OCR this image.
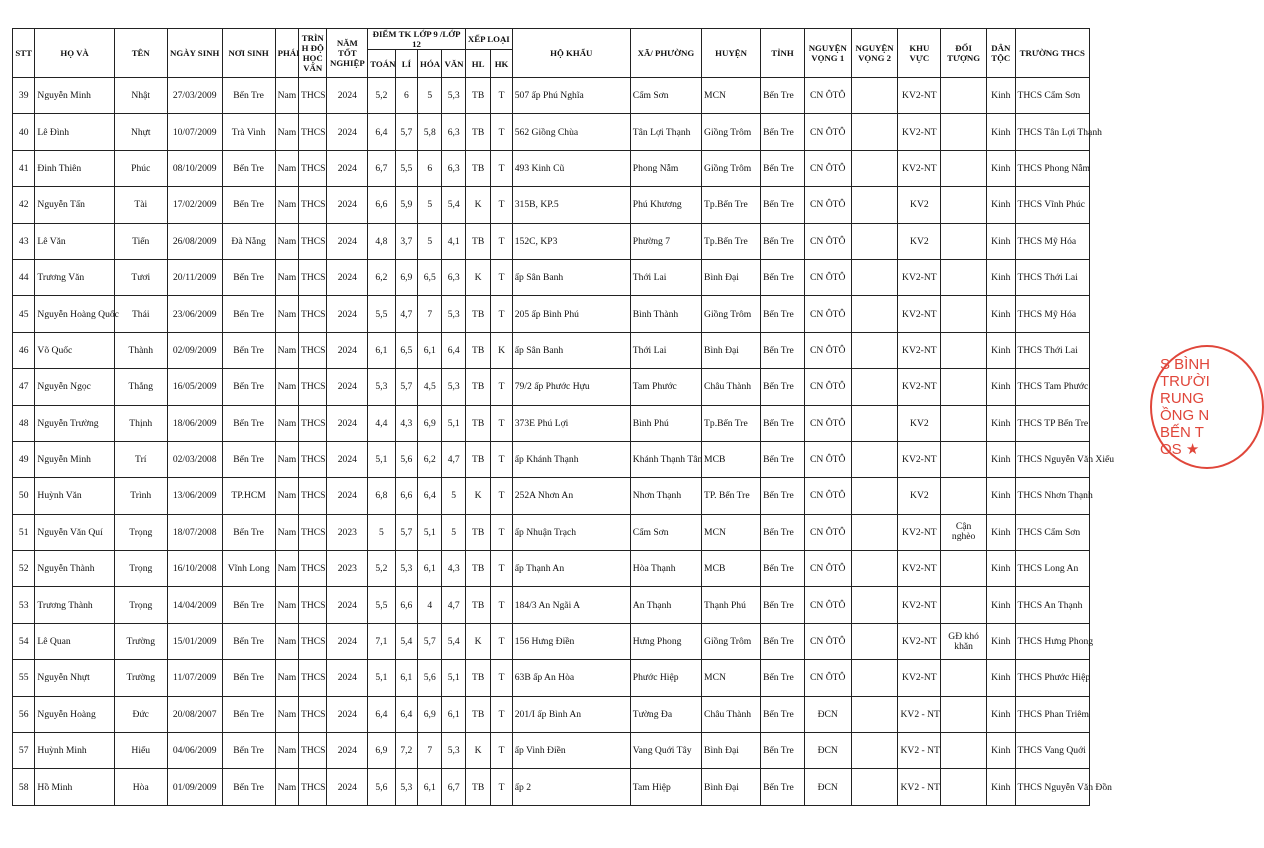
STT	HỌ VÀ	TÊN	NGÀY SINH	NƠI SINH	PHÁI	TRÌN H ĐỘ HỌC VẤN	NĂM TỐT NGHIỆP	ĐIỂM TK LỚP 9 /LỚP 12				XẾP LOẠI		HỘ KHẨU	XÃ/ PHƯỜNG	HUYỆN	TỈNH	NGUYỆN VỌNG 1	NGUYỆN VỌNG 2	KHU VỰC	ĐỐI TƯỢNG	DÂN TỘC	TRƯỜNG THCS
								TOÁN	LÍ	HÓA	VĂN	HL	HK										
39	Nguyễn Minh	Nhật	27/03/2009	Bến Tre	Nam	THCS	2024	5,2	6	5	5,3	TB	T	507 ấp Phú Nghĩa	Cẩm Sơn	MCN	Bến Tre	CN ÔTÔ		KV2-NT		Kinh	THCS Cẩm Sơn
40	Lê Đình	Nhựt	10/07/2009	Trà Vinh	Nam	THCS	2024	6,4	5,7	5,8	6,3	TB	T	562 Giồng Chùa	Tân Lợi Thạnh	Giồng Trôm	Bến Tre	CN ÔTÔ		KV2-NT		Kinh	THCS Tân Lợi Thạnh
41	Đinh Thiên	Phúc	08/10/2009	Bến Tre	Nam	THCS	2024	6,7	5,5	6	6,3	TB	T	493 Kinh Cũ	Phong Nẫm	Giồng Trôm	Bến Tre	CN ÔTÔ		KV2-NT		Kinh	THCS Phong Nẫm
42	Nguyễn Tấn	Tài	17/02/2009	Bến Tre	Nam	THCS	2024	6,6	5,9	5	5,4	K	T	315B, KP.5	Phú Khương	Tp.Bến Tre	Bến Tre	CN ÔTÔ		KV2		Kinh	THCS Vĩnh Phúc
43	Lê Văn	Tiến	26/08/2009	Đà Nẵng	Nam	THCS	2024	4,8	3,7	5	4,1	TB	T	152C, KP3	Phường 7	Tp.Bến Tre	Bến Tre	CN ÔTÔ		KV2		Kinh	THCS Mỹ Hóa
44	Trương Văn	Tươi	20/11/2009	Bến Tre	Nam	THCS	2024	6,2	6,9	6,5	6,3	K	T	ấp Sân Banh	Thới Lai	Bình Đại	Bến Tre	CN ÔTÔ		KV2-NT		Kinh	THCS Thới Lai
45	Nguyễn Hoàng Quốc	Thái	23/06/2009	Bến Tre	Nam	THCS	2024	5,5	4,7	7	5,3	TB	T	205 ấp Bình Phú	Bình Thành	Giồng Trôm	Bến Tre	CN ÔTÔ		KV2-NT		Kinh	THCS Mỹ Hóa
46	Võ Quốc	Thành	02/09/2009	Bến Tre	Nam	THCS	2024	6,1	6,5	6,1	6,4	TB	K	ấp Sân Banh	Thới Lai	Bình Đại	Bến Tre	CN ÔTÔ		KV2-NT		Kinh	THCS Thới Lai
47	Nguyễn Ngọc	Thắng	16/05/2009	Bến Tre	Nam	THCS	2024	5,3	5,7	4,5	5,3	TB	T	79/2 ấp Phước Hựu	Tam Phước	Châu Thành	Bến Tre	CN ÔTÔ		KV2-NT		Kinh	THCS Tam Phước
48	Nguyễn Trường	Thịnh	18/06/2009	Bến Tre	Nam	THCS	2024	4,4	4,3	6,9	5,1	TB	T	373E Phú Lợi	Bình Phú	Tp.Bến Tre	Bến Tre	CN ÔTÔ		KV2		Kinh	THCS TP Bến Tre
49	Nguyễn Minh	Trí	02/03/2008	Bến Tre	Nam	THCS	2024	5,1	5,6	6,2	4,7	TB	T	ấp Khánh Thạnh	Khánh Thạnh Tân	MCB	Bến Tre	CN ÔTÔ		KV2-NT		Kinh	THCS Nguyễn Văn Xiếu
50	Huỳnh Văn	Trình	13/06/2009	TP.HCM	Nam	THCS	2024	6,8	6,6	6,4	5	K	T	252A Nhơn An	Nhơn Thạnh	TP. Bến Tre	Bến Tre	CN ÔTÔ		KV2		Kinh	THCS Nhơn Thạnh
51	Nguyễn Văn Quí	Trọng	18/07/2008	Bến Tre	Nam	THCS	2023	5	5,7	5,1	5	TB	T	ấp Nhuận Trạch	Cẩm Sơn	MCN	Bến Tre	CN ÔTÔ		KV2-NT	Cận nghèo	Kinh	THCS Cẩm Sơn
52	Nguyễn Thành	Trọng	16/10/2008	Vĩnh Long	Nam	THCS	2023	5,2	5,3	6,1	4,3	TB	T	ấp Thạnh An	Hòa Thạnh	MCB	Bến Tre	CN ÔTÔ		KV2-NT		Kinh	THCS Long An
53	Trương Thành	Trọng	14/04/2009	Bến Tre	Nam	THCS	2024	5,5	6,6	4	4,7	TB	T	184/3 An Ngãi A	An Thạnh	Thạnh Phú	Bến Tre	CN ÔTÔ		KV2-NT		Kinh	THCS An Thạnh
54	Lê Quan	Trường	15/01/2009	Bến Tre	Nam	THCS	2024	7,1	5,4	5,7	5,4	K	T	156 Hưng Điền	Hưng Phong	Giồng Trôm	Bến Tre	CN ÔTÔ		KV2-NT	GĐ khó khăn	Kinh	THCS Hưng Phong
55	Nguyễn Nhựt	Trường	11/07/2009	Bến Tre	Nam	THCS	2024	5,1	6,1	5,6	5,1	TB	T	63B ấp An Hòa	Phước Hiệp	MCN	Bến Tre	CN ÔTÔ		KV2-NT		Kinh	THCS Phước Hiệp
56	Nguyễn Hoàng	Đức	20/08/2007	Bến Tre	Nam	THCS	2024	6,4	6,4	6,9	6,1	TB	T	201/I ấp Bình An	Tường Đa	Châu Thành	Bến Tre	ĐCN		KV2 - NT		Kinh	THCS Phan Triêm
57	Huỳnh Minh	Hiếu	04/06/2009	Bến Tre	Nam	THCS	2024	6,9	7,2	7	5,3	K	T	ấp Vinh Điền	Vang Quới Tây	Bình Đại	Bến Tre	ĐCN		KV2 - NT		Kinh	THCS Vang Quới
58	Hồ Minh	Hòa	01/09/2009	Bến Tre	Nam	THCS	2024	5,6	5,3	6,1	6,7	TB	T	ấp 2	Tam Hiệp	Bình Đại	Bến Tre	ĐCN		KV2 - NT		Kinh	THCS Nguyễn Văn Đồn
S BÌNH
TRƯỜI
RUNG
ỒNG N
BẾN T
OS ★
